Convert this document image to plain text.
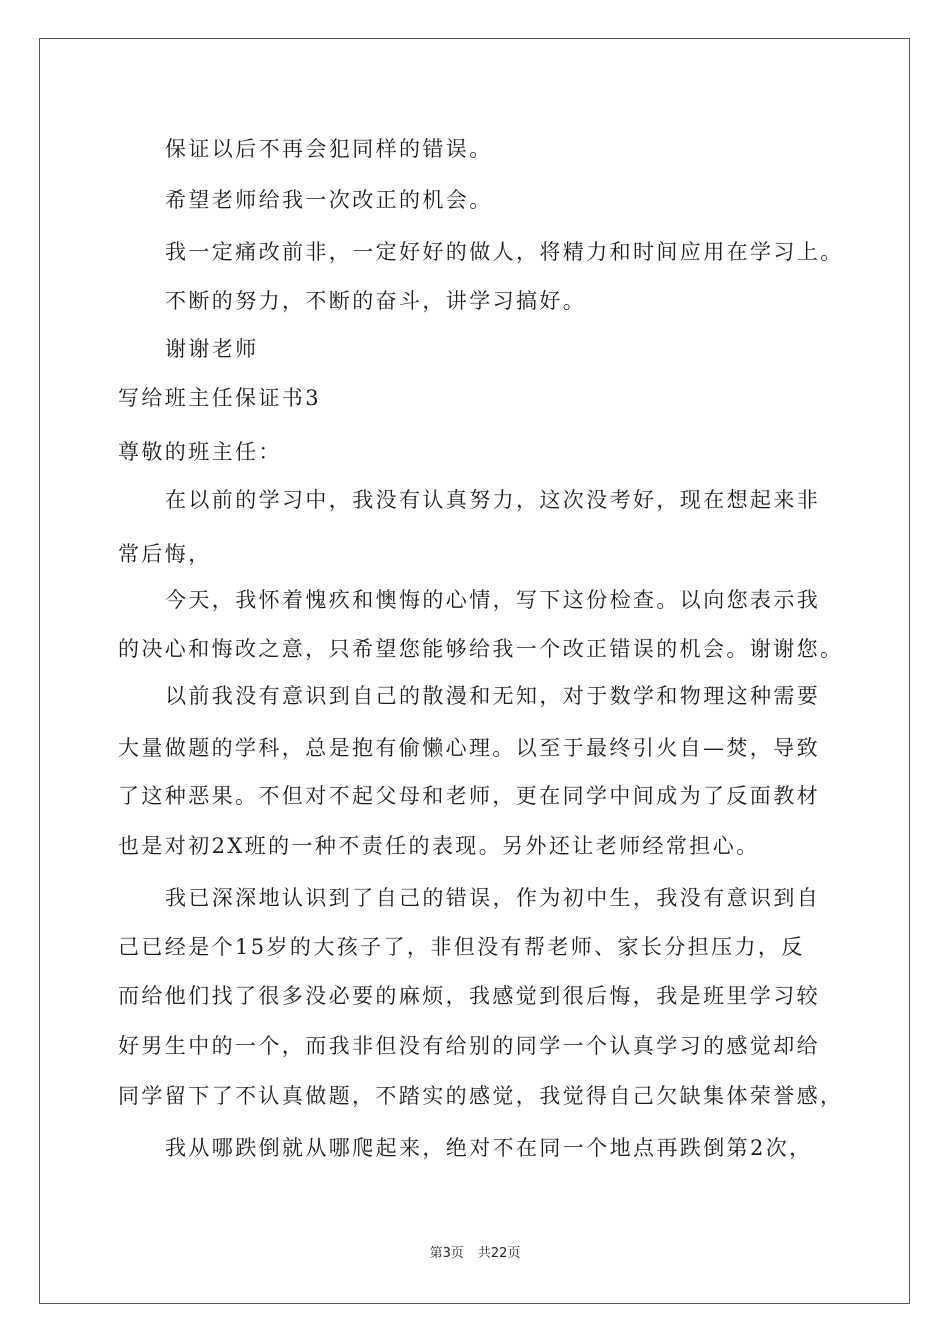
保证以后不再会犯同样的错误。
希望老师给我一次改正的机会。
我一定痛改前非，一定好好的做人，将精力和时间应用在学习上。
不断的努力，不断的奋斗，讲学习搞好。
谢谢老师
写给班主任保证书3
尊敬的班主任：
在以前的学习中，我没有认真努力，这次没考好，现在想起来非
常后悔，
今天，我怀着愧疚和懊悔的心情，写下这份检查。以向您表示我
的决心和悔改之意，只希望您能够给我一个改正错误的机会。谢谢您。
以前我没有意识到自己的散漫和无知，对于数学和物理这种需要
大量做题的学科，总是抱有偷懒心理。以至于最终引火自—焚，导致
了这种恶果。不但对不起父母和老师，更在同学中间成为了反面教材
也是对初2X班的一种不责任的表现。另外还让老师经常担心。
我已深深地认识到了自己的错误，作为初中生，我没有意识到自
己已经是个15岁的大孩子了，非但没有帮老师、家长分担压力，反
而给他们找了很多没必要的麻烦，我感觉到很后悔，我是班里学习较
好男生中的一个，而我非但没有给别的同学一个认真学习的感觉却给
同学留下了不认真做题，不踏实的感觉，我觉得自己欠缺集体荣誉感，
我从哪跌倒就从哪爬起来，绝对不在同一个地点再跌倒第2次，
第3页 共22页
